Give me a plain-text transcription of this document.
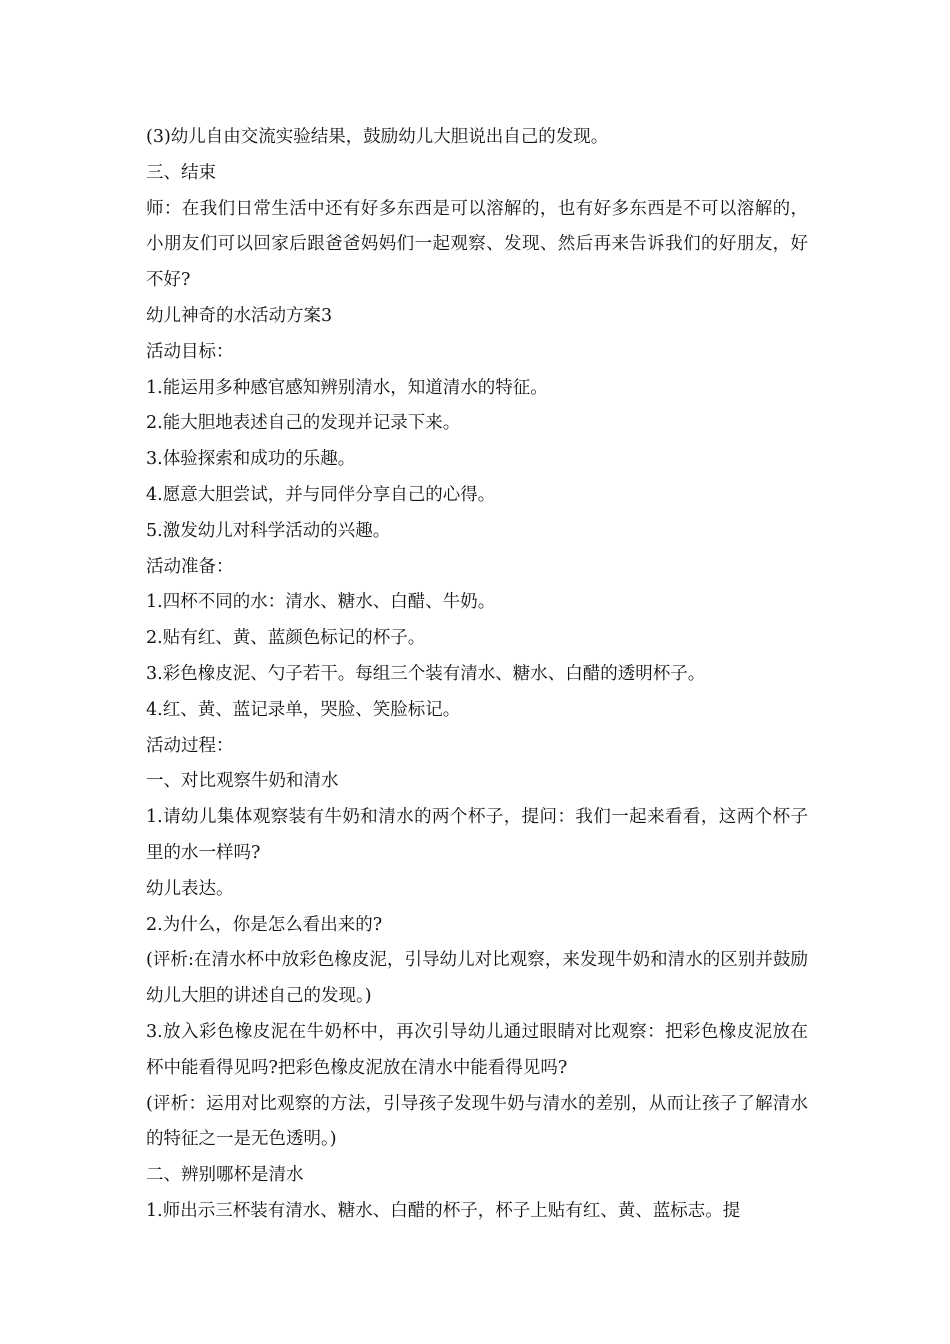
(3)幼儿自由交流实验结果，鼓励幼儿大胆说出自己的发现。

三、结束

师：在我们日常生活中还有好多东西是可以溶解的，也有好多东西是不可以溶解的，小朋友们可以回家后跟爸爸妈妈们一起观察、发现、然后再来告诉我们的好朋友，好不好?

幼儿神奇的水活动方案3

活动目标：

1.能运用多种感官感知辨别清水，知道清水的特征。

2.能大胆地表述自己的发现并记录下来。

3.体验探索和成功的乐趣。

4.愿意大胆尝试，并与同伴分享自己的心得。

5.激发幼儿对科学活动的兴趣。

活动准备：

1.四杯不同的水：清水、糖水、白醋、牛奶。

2.贴有红、黄、蓝颜色标记的杯子。

3.彩色橡皮泥、勺子若干。每组三个装有清水、糖水、白醋的透明杯子。

4.红、黄、蓝记录单，哭脸、笑脸标记。

活动过程：

一、对比观察牛奶和清水

1.请幼儿集体观察装有牛奶和清水的两个杯子，提问：我们一起来看看，这两个杯子里的水一样吗?

幼儿表达。

2.为什么，你是怎么看出来的?

(评析:在清水杯中放彩色橡皮泥，引导幼儿对比观察，来发现牛奶和清水的区别并鼓励幼儿大胆的讲述自己的发现。)

3.放入彩色橡皮泥在牛奶杯中，再次引导幼儿通过眼睛对比观察：把彩色橡皮泥放在杯中能看得见吗?把彩色橡皮泥放在清水中能看得见吗?

(评析：运用对比观察的方法，引导孩子发现牛奶与清水的差别，从而让孩子了解清水的特征之一是无色透明。)

二、辨别哪杯是清水

1.师出示三杯装有清水、糖水、白醋的杯子，杯子上贴有红、黄、蓝标志。提
